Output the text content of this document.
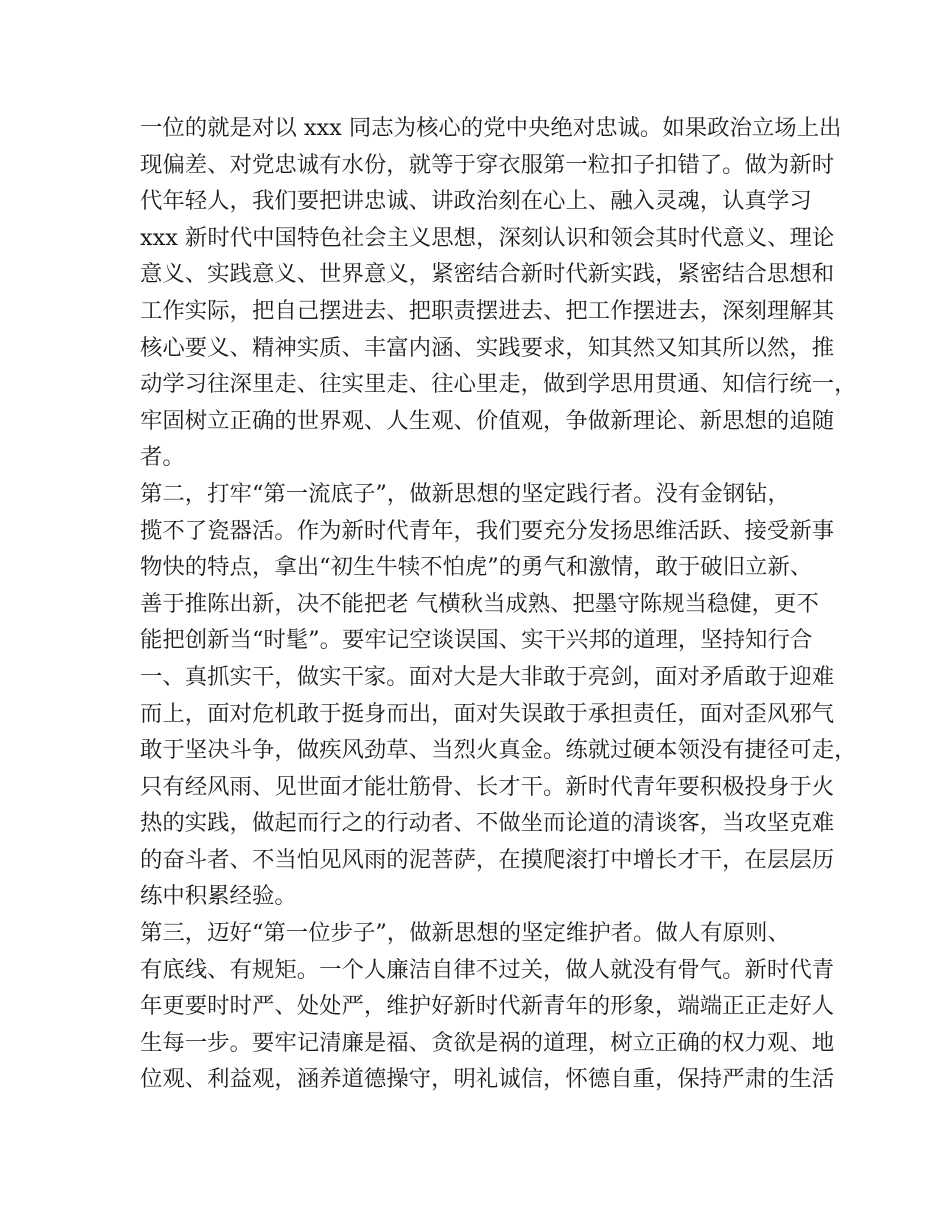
一位的就是对以 xxx 同志为核心的党中央绝对忠诚。如果政治立场上出
现偏差、对党忠诚有水份，就等于穿衣服第一粒扣子扣错了。做为新时
代年轻人，我们要把讲忠诚、讲政治刻在心上、融入灵魂，认真学习
xxx 新时代中国特色社会主义思想，深刻认识和领会其时代意义、理论
意义、实践意义、世界意义，紧密结合新时代新实践，紧密结合思想和
工作实际，把自己摆进去、把职责摆进去、把工作摆进去，深刻理解其
核心要义、精神实质、丰富内涵、实践要求，知其然又知其所以然，推
动学习往深里走、往实里走、往心里走，做到学思用贯通、知信行统一，
牢固树立正确的世界观、人生观、价值观，争做新理论、新思想的追随
者。
第二，打牢“第一流底子”，做新思想的坚定践行者。没有金钢钻，
揽不了瓷器活。作为新时代青年，我们要充分发扬思维活跃、接受新事
物快的特点，拿出“初生牛犊不怕虎”的勇气和激情，敢于破旧立新、
善于推陈出新，决不能把老 气横秋当成熟、把墨守陈规当稳健，更不
能把创新当“时髦”。要牢记空谈误国、实干兴邦的道理，坚持知行合
一、真抓实干，做实干家。面对大是大非敢于亮剑，面对矛盾敢于迎难
而上，面对危机敢于挺身而出，面对失误敢于承担责任，面对歪风邪气
敢于坚决斗争，做疾风劲草、当烈火真金。练就过硬本领没有捷径可走，
只有经风雨、见世面才能壮筋骨、长才干。新时代青年要积极投身于火
热的实践，做起而行之的行动者、不做坐而论道的清谈客，当攻坚克难
的奋斗者、不当怕见风雨的泥菩萨，在摸爬滚打中增长才干，在层层历
练中积累经验。
第三，迈好“第一位步子”，做新思想的坚定维护者。做人有原则、
有底线、有规矩。一个人廉洁自律不过关，做人就没有骨气。新时代青
年更要时时严、处处严，维护好新时代新青年的形象，端端正正走好人
生每一步。要牢记清廉是福、贪欲是祸的道理，树立正确的权力观、地
位观、利益观，涵养道德操守，明礼诚信，怀德自重，保持严肃的生活
